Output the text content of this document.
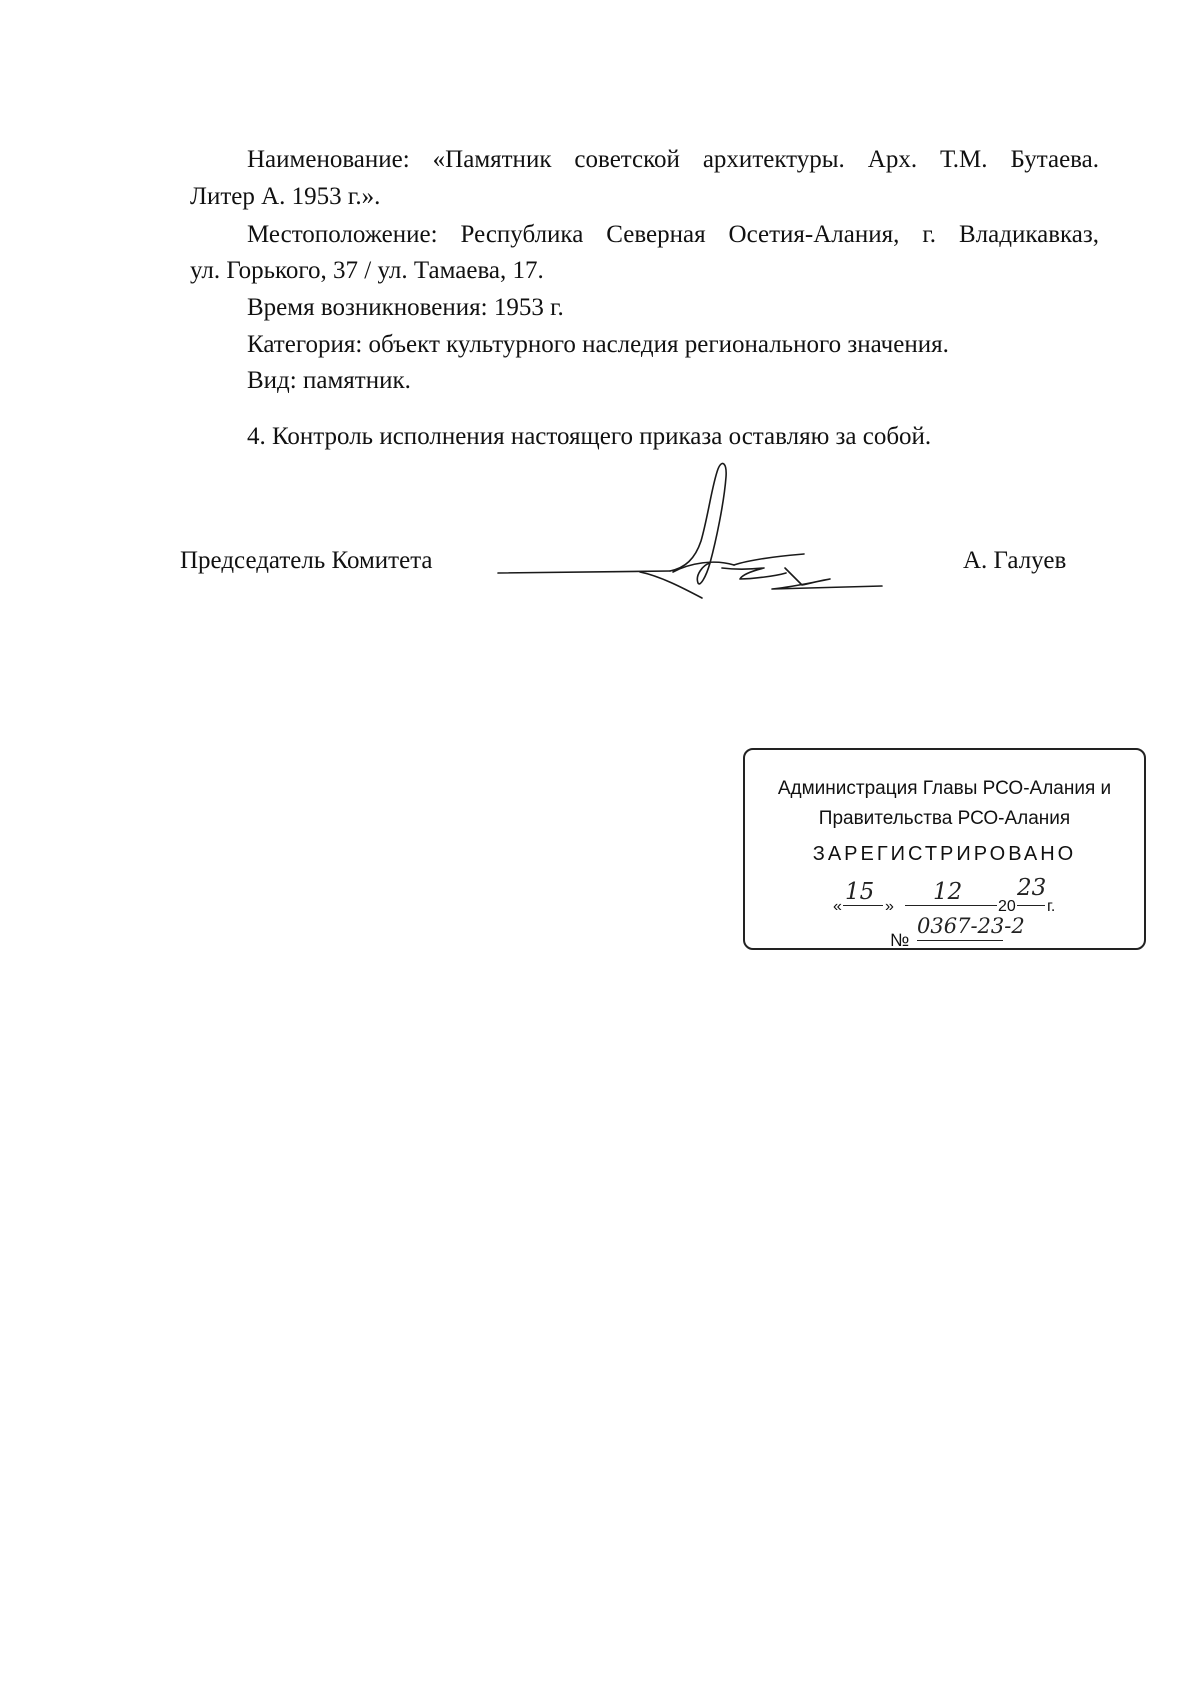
Наименование: «Памятник советской архитектуры. Арх. Т.М. Бутаева.
Литер А. 1953 г.».
Местоположение: Республика Северная Осетия-Алания, г. Владикавказ,
ул. Горького, 37 / ул. Тамаева, 17.
Время возникновения: 1953 г.
Категория: объект культурного наследия регионального значения.
Вид: памятник.
4. Контроль исполнения настоящего приказа оставляю за собой.
Председатель Комитета	А. Галуев
Администрация Главы РСО-Алания и
Правительства РСО-Алания
ЗАРЕГИСТРИРОВАНО
«
15
»
12
20
23
г.
№
0367-23-2
